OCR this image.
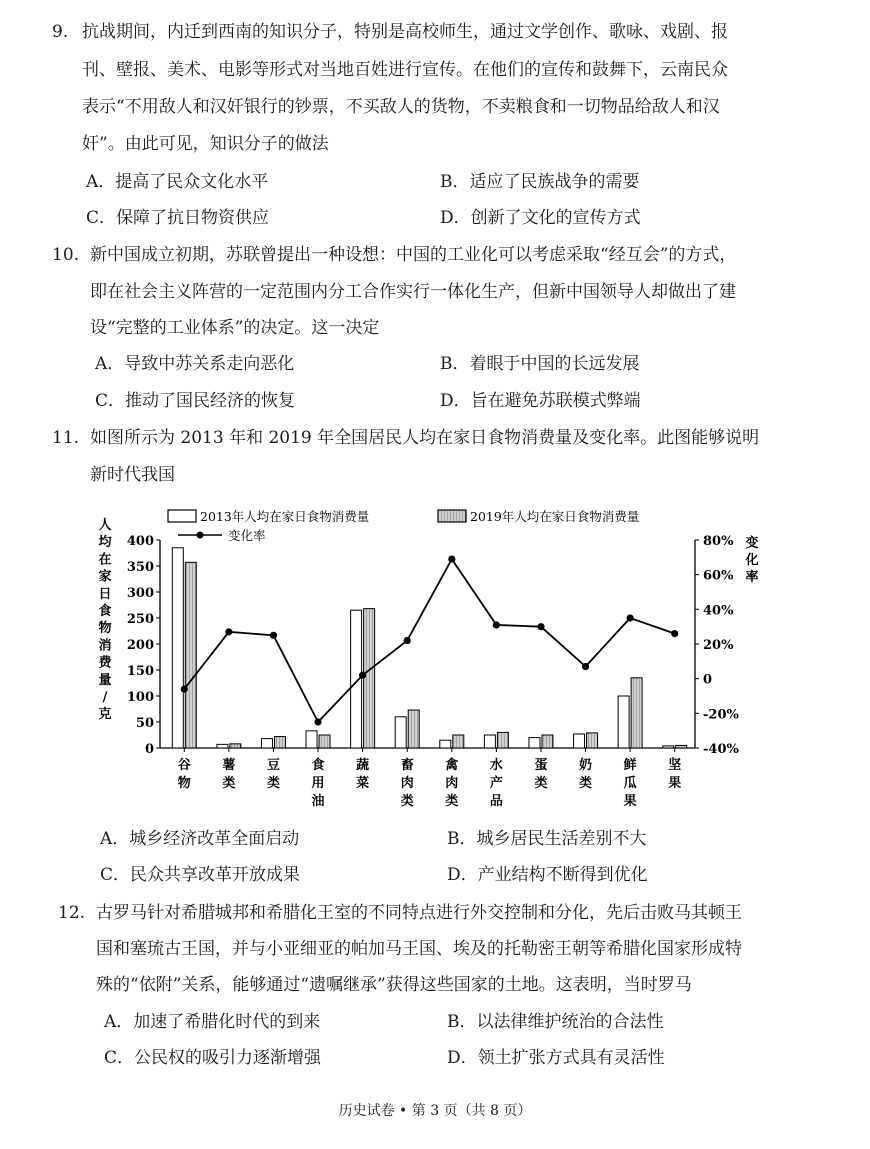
9. 抗战期间，内迁到西南的知识分子，特别是高校师生，通过文学创作、歌咏、戏剧、报
刊、壁报、美术、电影等形式对当地百姓进行宣传。在他们的宣传和鼓舞下，云南民众
表示“不用敌人和汉奸银行的钞票，不买敌人的货物，不卖粮食和一切物品给敌人和汉
奸”。由此可见，知识分子的做法
A．提高了民众文化水平	B．适应了民族战争的需要
C．保障了抗日物资供应	D．创新了文化的宣传方式
10. 新中国成立初期，苏联曾提出一种设想：中国的工业化可以考虑采取“经互会”的方式，
即在社会主义阵营的一定范围内分工合作实行一体化生产，但新中国领导人却做出了建
设“完整的工业体系”的决定。这一决定
A．导致中苏关系走向恶化	B．着眼于中国的长远发展
C．推动了国民经济的恢复	D．旨在避免苏联模式弊端
11. 如图所示为 2013 年和 2019 年全国居民人均在家日食物消费量及变化率。此图能够说明
新时代我国
2013年人均在家日食物消费量	2019年人均在家日食物消费量
变化率
0
50
100
150
200
250
300
350
400
-40%
-20%
0
20%
40%
60%
80%
谷
物
薯
类
豆
类
食
用
油
蔬
菜
畜
肉
类
禽
肉
类
水
产
品
蛋
类
奶
类
鲜
瓜
果
坚
果
人
均
在
家
日
食
物
消
费
量
/
克
变
化
率
A．城乡经济改革全面启动	B．城乡居民生活差别不大
C．民众共享改革开放成果	D．产业结构不断得到优化
12. 古罗马针对希腊城邦和希腊化王室的不同特点进行外交控制和分化，先后击败马其顿王
国和塞琉古王国，并与小亚细亚的帕加马王国、埃及的托勒密王朝等希腊化国家形成特
殊的“依附”关系，能够通过“遗嘱继承”获得这些国家的土地。这表明，当时罗马
A．加速了希腊化时代的到来	B．以法律维护统治的合法性
C．公民权的吸引力逐渐增强	D．领土扩张方式具有灵活性
历史试卷 • 第 3 页（共 8 页）
